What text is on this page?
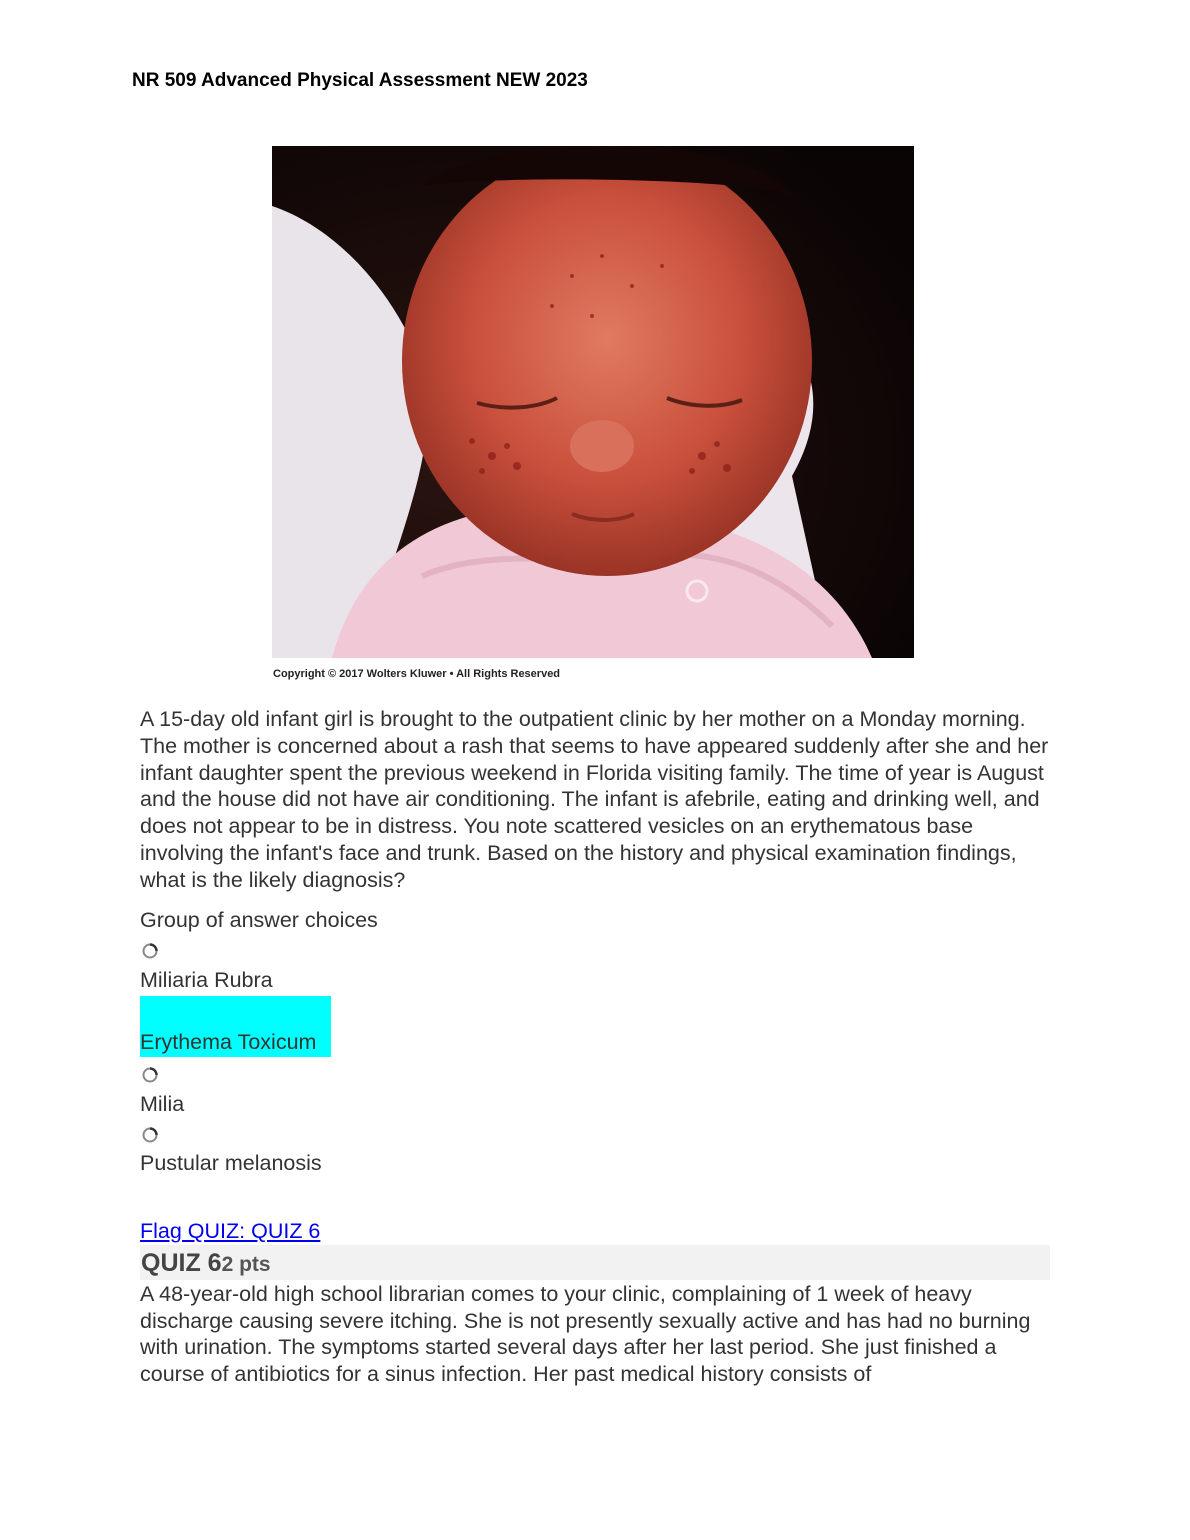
NR 509 Advanced Physical Assessment NEW 2023
Copyright © 2017 Wolters Kluwer • All Rights Reserved
A 15-day old infant girl is brought to the outpatient clinic by her mother on a Monday morning. The mother is concerned about a rash that seems to have appeared suddenly after she and her infant daughter spent the previous weekend in Florida visiting family. The time of year is August and the house did not have air conditioning. The infant is afebrile, eating and drinking well, and does not appear to be in distress. You note scattered vesicles on an erythematous base involving the infant's face and trunk. Based on the history and physical examination findings, what is the likely diagnosis?
Group of answer choices
Miliaria Rubra
Erythema Toxicum
Milia
Pustular melanosis
Flag QUIZ: QUIZ 6
QUIZ 62 pts
A 48-year-old high school librarian comes to your clinic, complaining of 1 week of heavy discharge causing severe itching. She is not presently sexually active and has had no burning with urination. The symptoms started several days after her last period. She just finished a course of antibiotics for a sinus infection. Her past medical history consists of
